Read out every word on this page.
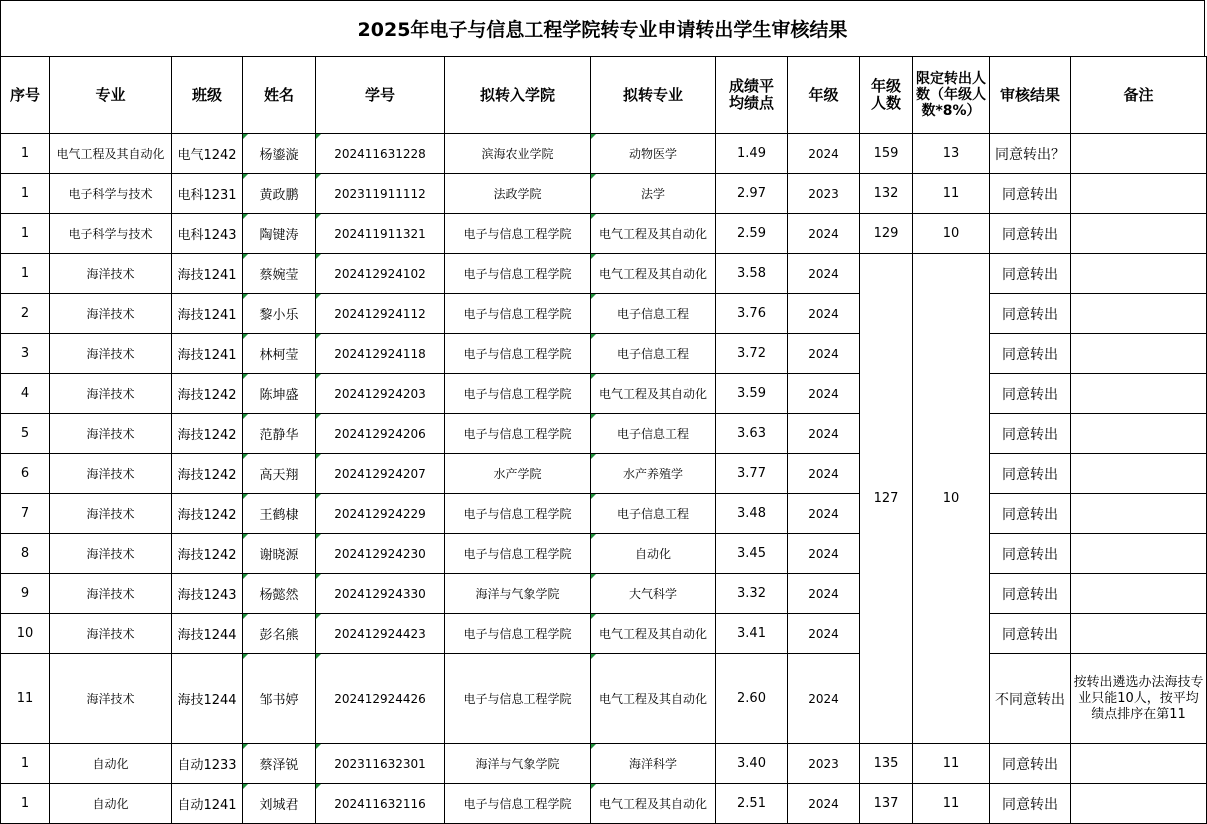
2025年电子与信息工程学院转专业申请转出学生审核结果
序号	专业	班级	姓名	学号	拟转入学院	拟转专业	成绩平均绩点	年级	年级人数	限定转出人数（年级人数*8%）	审核结果	备注
1	电气工程及其自动化	电气1242	杨鎏漩	202411631228	滨海农业学院	动物医学	1.49	2024	159	13	同意转出？	
1	电子科学与技术	电科1231	黄政鹏	202311911112	法政学院	法学	2.97	2023	132	11	同意转出	
1	电子科学与技术	电科1243	陶键涛	202411911321	电子与信息工程学院	电气工程及其自动化	2.59	2024	129	10	同意转出	
1	海洋技术	海技1241	蔡婉莹	202412924102	电子与信息工程学院	电气工程及其自动化	3.58	2024	127	10	同意转出	
2	海洋技术	海技1241	黎小乐	202412924112	电子与信息工程学院	电子信息工程	3.76	2024			同意转出	
3	海洋技术	海技1241	林柯莹	202412924118	电子与信息工程学院	电子信息工程	3.72	2024			同意转出	
4	海洋技术	海技1242	陈坤盛	202412924203	电子与信息工程学院	电气工程及其自动化	3.59	2024			同意转出	
5	海洋技术	海技1242	范静华	202412924206	电子与信息工程学院	电子信息工程	3.63	2024			同意转出	
6	海洋技术	海技1242	高天翔	202412924207	水产学院	水产养殖学	3.77	2024			同意转出	
7	海洋技术	海技1242	王鹤棣	202412924229	电子与信息工程学院	电子信息工程	3.48	2024			同意转出	
8	海洋技术	海技1242	谢晓源	202412924230	电子与信息工程学院	自动化	3.45	2024			同意转出	
9	海洋技术	海技1243	杨懿然	202412924330	海洋与气象学院	大气科学	3.32	2024			同意转出	
10	海洋技术	海技1244	彭名熊	202412924423	电子与信息工程学院	电气工程及其自动化	3.41	2024			同意转出	
11	海洋技术	海技1244	邹书婷	202412924426	电子与信息工程学院	电气工程及其自动化	2.60	2024			不同意转出	按转出遴选办法海技专业只能10人，按平均绩点排序在第11
1	自动化	自动1233	蔡泽锐	202311632301	海洋与气象学院	海洋科学	3.40	2023	135	11	同意转出	
1	自动化	自动1241	刘城君	202411632116	电子与信息工程学院	电气工程及其自动化	2.51	2024	137	11	同意转出	
